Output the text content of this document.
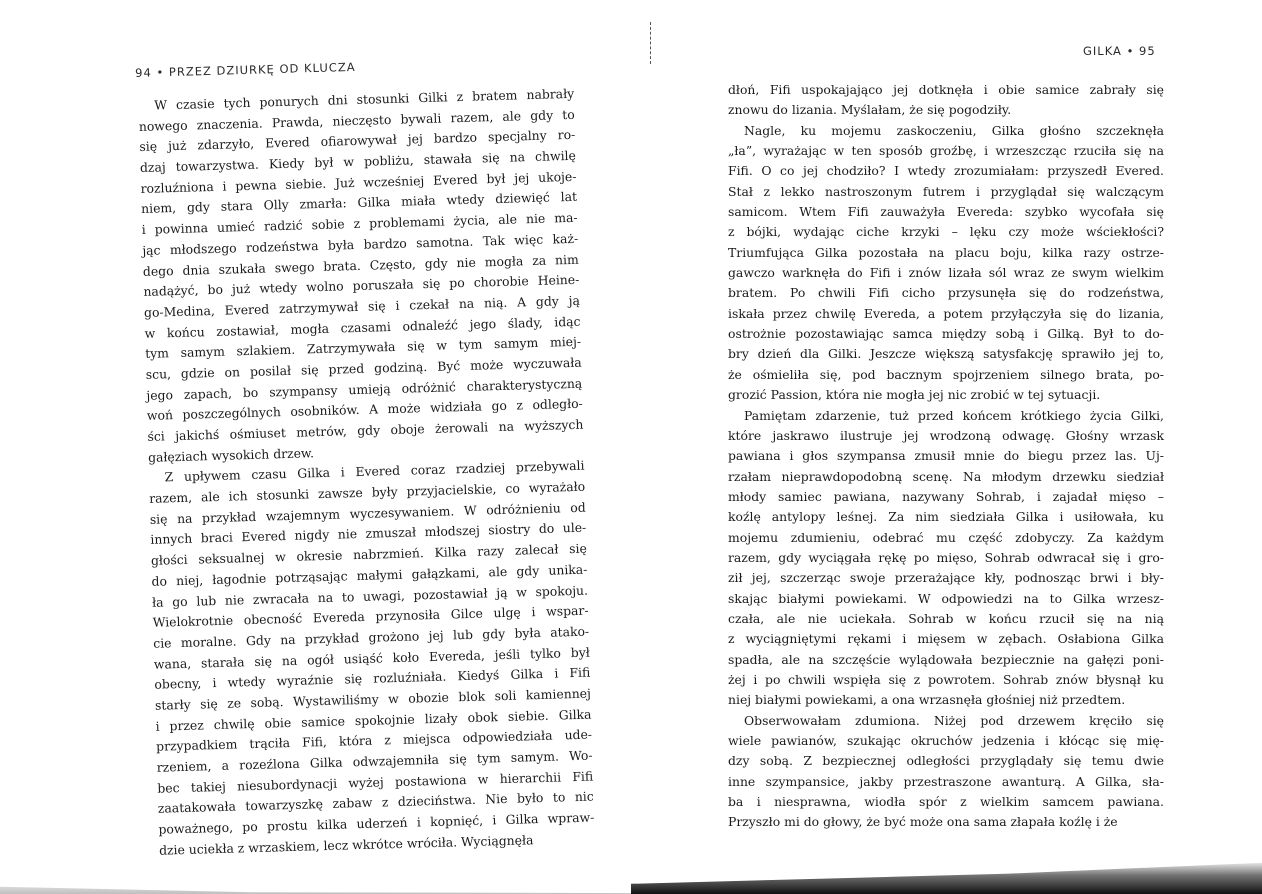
94 • PRZEZ DZIURKĘ OD KLUCZA
W czasie tych ponurych dni stosunki Gilki z bratem nabrały
nowego znaczenia. Prawda, nieczęsto bywali razem, ale gdy to
się już zdarzyło, Evered ofiarowywał jej bardzo specjalny ro-
dzaj towarzystwa. Kiedy był w pobliżu, stawała się na chwilę
rozluźniona i pewna siebie. Już wcześniej Evered był jej ukoje-
niem, gdy stara Olly zmarła: Gilka miała wtedy dziewięć lat
i powinna umieć radzić sobie z problemami życia, ale nie ma-
jąc młodszego rodzeństwa była bardzo samotna. Tak więc każ-
dego dnia szukała swego brata. Często, gdy nie mogła za nim
nadążyć, bo już wtedy wolno poruszała się po chorobie Heine-
go-Medina, Evered zatrzymywał się i czekał na nią. A gdy ją
w końcu zostawiał, mogła czasami odnaleźć jego ślady, idąc
tym samym szlakiem. Zatrzymywała się w tym samym miej-
scu, gdzie on posilał się przed godziną. Być może wyczuwała
jego zapach, bo szympansy umieją odróżnić charakterystyczną
woń poszczególnych osobników. A może widziała go z odległo-
ści jakichś ośmiuset metrów, gdy oboje żerowali na wyższych
gałęziach wysokich drzew.
Z upływem czasu Gilka i Evered coraz rzadziej przebywali
razem, ale ich stosunki zawsze były przyjacielskie, co wyrażało
się na przykład wzajemnym wyczesywaniem. W odróżnieniu od
innych braci Evered nigdy nie zmuszał młodszej siostry do ule-
głości seksualnej w okresie nabrzmień. Kilka razy zalecał się
do niej, łagodnie potrząsając małymi gałązkami, ale gdy unika-
ła go lub nie zwracała na to uwagi, pozostawiał ją w spokoju.
Wielokrotnie obecność Evereda przynosiła Gilce ulgę i wspar-
cie moralne. Gdy na przykład grożono jej lub gdy była atako-
wana, starała się na ogół usiąść koło Evereda, jeśli tylko był
obecny, i wtedy wyraźnie się rozluźniała. Kiedyś Gilka i Fifi
starły się ze sobą. Wystawiliśmy w obozie blok soli kamiennej
i przez chwilę obie samice spokojnie lizały obok siebie. Gilka
przypadkiem trąciła Fifi, która z miejsca odpowiedziała ude-
rzeniem, a rozeźlona Gilka odwzajemniła się tym samym. Wo-
bec takiej niesubordynacji wyżej postawiona w hierarchii Fifi
zaatakowała towarzyszkę zabaw z dzieciństwa. Nie było to nic
poważnego, po prostu kilka uderzeń i kopnięć, i Gilka wpraw-
dzie uciekła z wrzaskiem, lecz wkrótce wróciła. Wyciągnęła
GILKA • 95
dłoń, Fifi uspokajająco jej dotknęła i obie samice zabrały się
znowu do lizania. Myślałam, że się pogodziły.
Nagle, ku mojemu zaskoczeniu, Gilka głośno szczeknęła
„ła”, wyrażając w ten sposób groźbę, i wrzeszcząc rzuciła się na
Fifi. O co jej chodziło? I wtedy zrozumiałam: przyszedł Evered.
Stał z lekko nastroszonym futrem i przyglądał się walczącym
samicom. Wtem Fifi zauważyła Evereda: szybko wycofała się
z bójki, wydając ciche krzyki – lęku czy może wściekłości?
Triumfująca Gilka pozostała na placu boju, kilka razy ostrze-
gawczo warknęła do Fifi i znów lizała sól wraz ze swym wielkim
bratem. Po chwili Fifi cicho przysunęła się do rodzeństwa,
iskała przez chwilę Evereda, a potem przyłączyła się do lizania,
ostrożnie pozostawiając samca między sobą i Gilką. Był to do-
bry dzień dla Gilki. Jeszcze większą satysfakcję sprawiło jej to,
że ośmieliła się, pod bacznym spojrzeniem silnego brata, po-
grozić Passion, która nie mogła jej nic zrobić w tej sytuacji.
Pamiętam zdarzenie, tuż przed końcem krótkiego życia Gilki,
które jaskrawo ilustruje jej wrodzoną odwagę. Głośny wrzask
pawiana i głos szympansa zmusił mnie do biegu przez las. Uj-
rzałam nieprawdopodobną scenę. Na młodym drzewku siedział
młody samiec pawiana, nazywany Sohrab, i zajadał mięso –
koźlę antylopy leśnej. Za nim siedziała Gilka i usiłowała, ku
mojemu zdumieniu, odebrać mu część zdobyczy. Za każdym
razem, gdy wyciągała rękę po mięso, Sohrab odwracał się i gro-
ził jej, szczerząc swoje przerażające kły, podnosząc brwi i bły-
skając białymi powiekami. W odpowiedzi na to Gilka wrzesz-
czała, ale nie uciekała. Sohrab w końcu rzucił się na nią
z wyciągniętymi rękami i mięsem w zębach. Osłabiona Gilka
spadła, ale na szczęście wylądowała bezpiecznie na gałęzi poni-
żej i po chwili wspięła się z powrotem. Sohrab znów błysnął ku
niej białymi powiekami, a ona wrzasnęła głośniej niż przedtem.
Obserwowałam zdumiona. Niżej pod drzewem kręciło się
wiele pawianów, szukając okruchów jedzenia i kłócąc się mię-
dzy sobą. Z bezpiecznej odległości przyglądały się temu dwie
inne szympansice, jakby przestraszone awanturą. A Gilka, sła-
ba i niesprawna, wiodła spór z wielkim samcem pawiana.
Przyszło mi do głowy, że być może ona sama złapała koźlę i że
